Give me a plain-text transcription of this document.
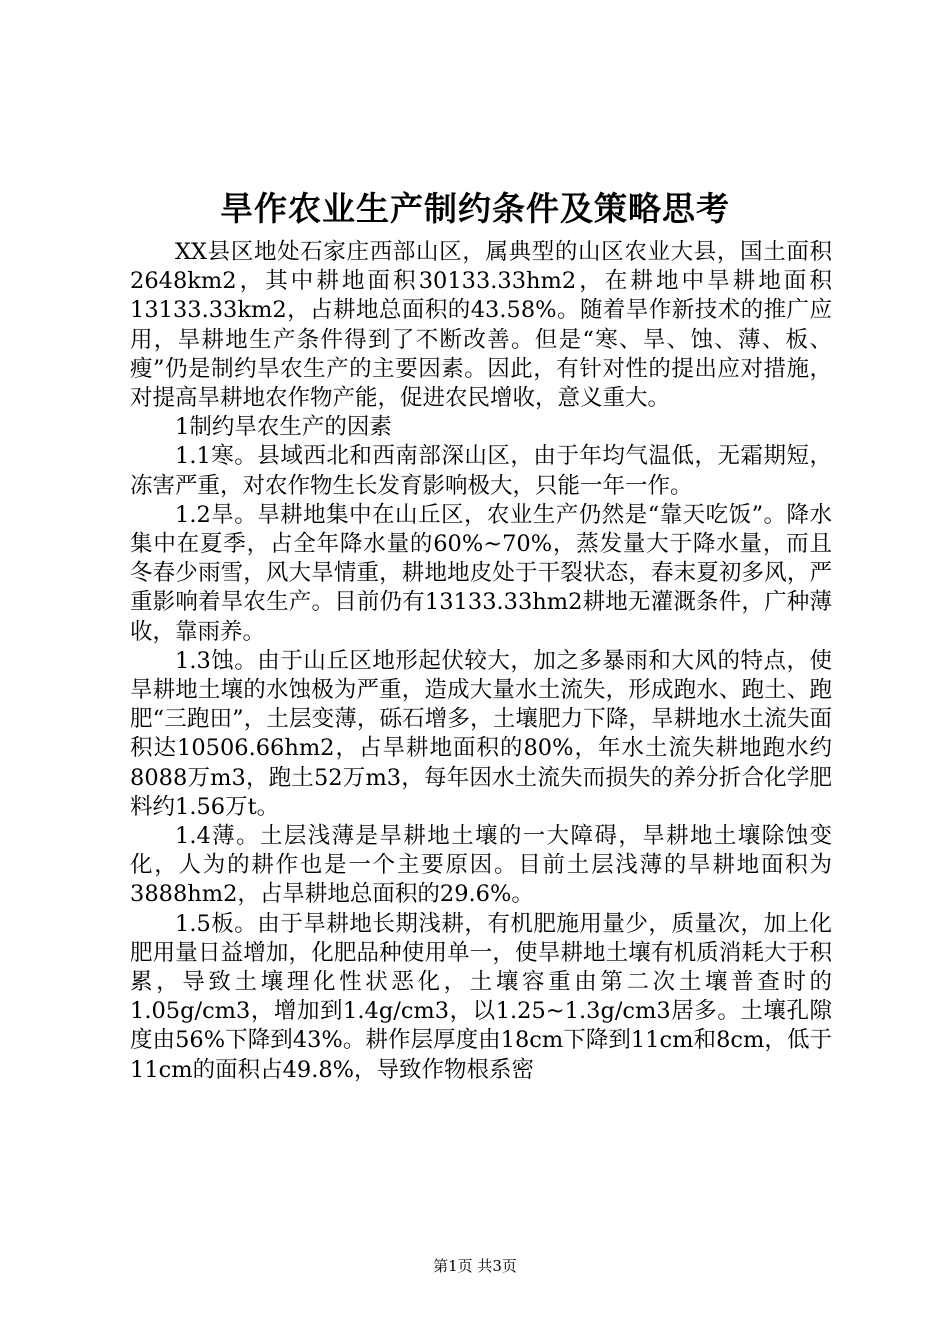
旱作农业生产制约条件及策略思考

XX县区地处石家庄西部山区，属典型的山区农业大县，国土面积2648km2，其中耕地面积30133.33hm2，在耕地中旱耕地面积13133.33km2，占耕地总面积的43.58%。随着旱作新技术的推广应用，旱耕地生产条件得到了不断改善。但是“寒、旱、蚀、薄、板、瘦”仍是制约旱农生产的主要因素。因此，有针对性的提出应对措施，对提高旱耕地农作物产能，促进农民增收，意义重大。

1制约旱农生产的因素

1.1寒。县域西北和西南部深山区，由于年均气温低，无霜期短，冻害严重，对农作物生长发育影响极大，只能一年一作。

1.2旱。旱耕地集中在山丘区，农业生产仍然是“靠天吃饭”。降水集中在夏季，占全年降水量的60%~70%，蒸发量大于降水量，而且冬春少雨雪，风大旱情重，耕地地皮处于干裂状态，春末夏初多风，严重影响着旱农生产。目前仍有13133.33hm2耕地无灌溉条件，广种薄收，靠雨养。

1.3蚀。由于山丘区地形起伏较大，加之多暴雨和大风的特点，使旱耕地土壤的水蚀极为严重，造成大量水土流失，形成跑水、跑土、跑肥“三跑田”，土层变薄，砾石增多，土壤肥力下降，旱耕地水土流失面积达10506.66hm2，占旱耕地面积的80%，年水土流失耕地跑水约8088万m3，跑土52万m3，每年因水土流失而损失的养分折合化学肥料约1.56万t。

1.4薄。土层浅薄是旱耕地土壤的一大障碍，旱耕地土壤除蚀变化，人为的耕作也是一个主要原因。目前土层浅薄的旱耕地面积为3888hm2，占旱耕地总面积的29.6%。

1.5板。由于旱耕地长期浅耕，有机肥施用量少，质量次，加上化肥用量日益增加，化肥品种使用单一，使旱耕地土壤有机质消耗大于积累，导致土壤理化性状恶化，土壤容重由第二次土壤普查时的1.05g/cm3，增加到1.4g/cm3，以1.25~1.3g/cm3居多。土壤孔隙度由56%下降到43%。耕作层厚度由18cm下降到11cm和8cm，低于11cm的面积占49.8%，导致作物根系密

第1页 共3页
